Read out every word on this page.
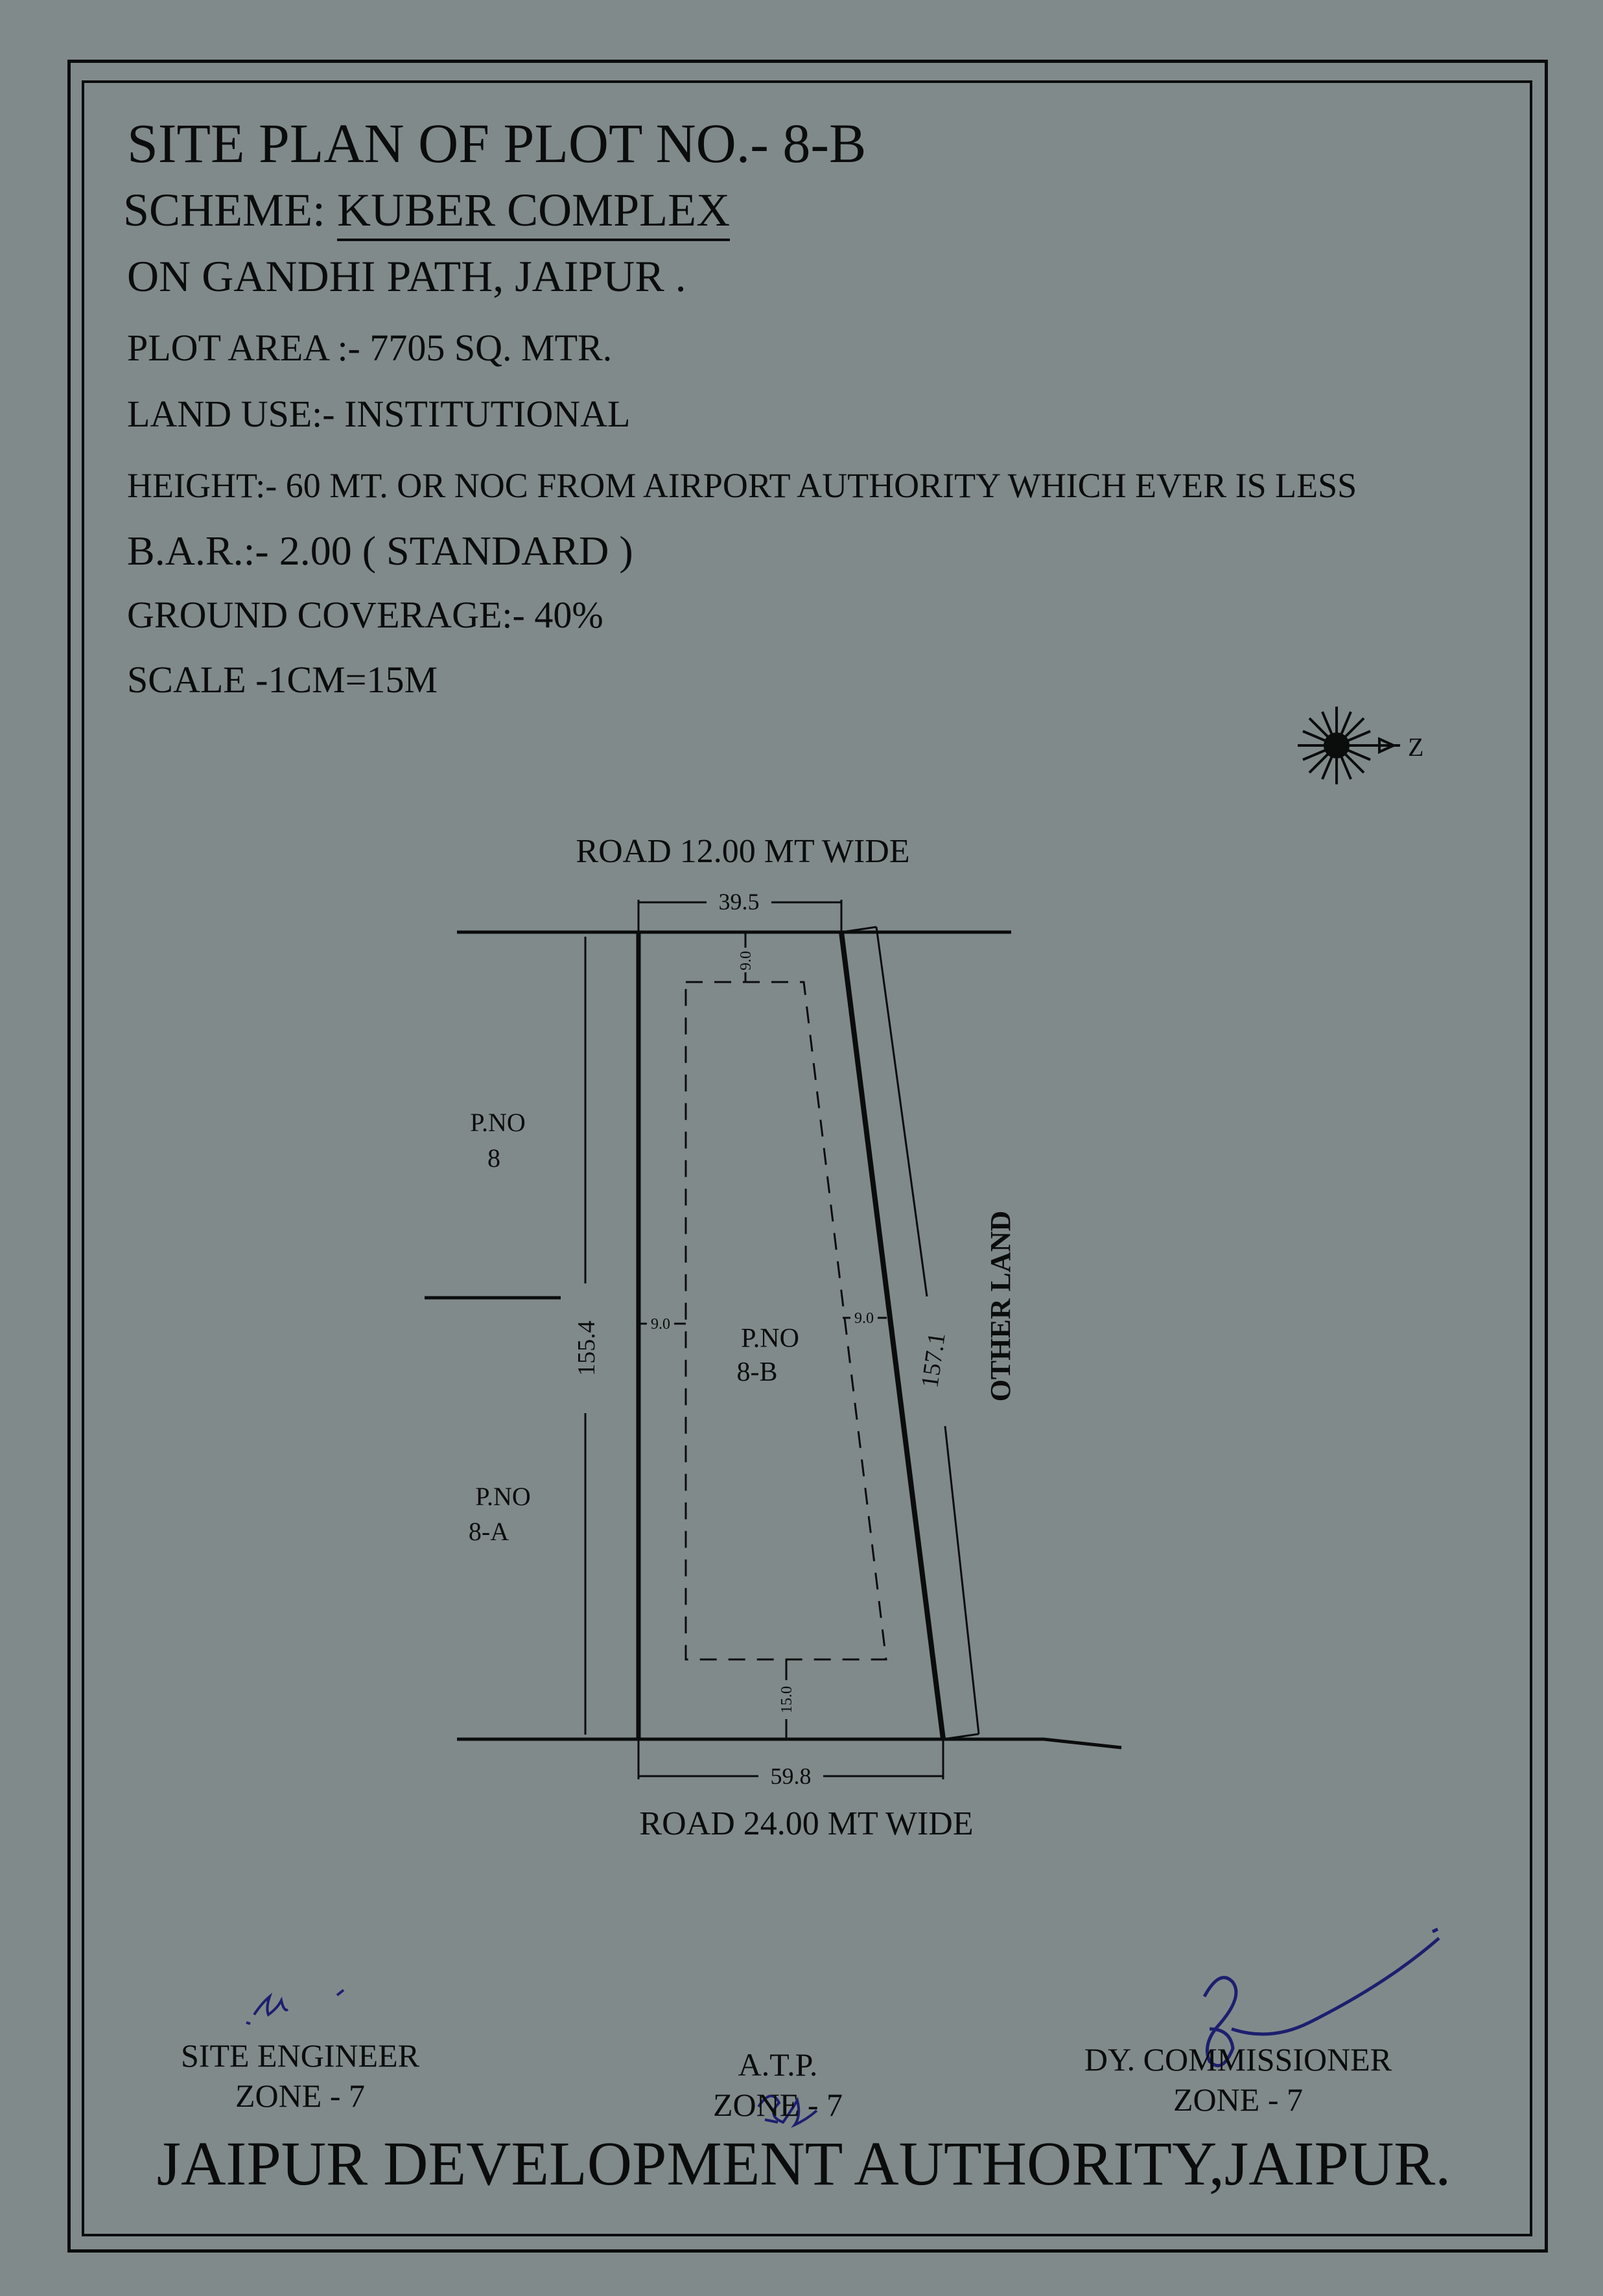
SITE PLAN OF PLOT NO.- 8-B
SCHEME: KUBER COMPLEX
ON GANDHI PATH, JAIPUR .
PLOT AREA :- 7705 SQ. MTR.
LAND USE:- INSTITUTIONAL
HEIGHT:- 60 MT. OR NOC FROM AIRPORT AUTHORITY WHICH EVER IS LESS
B.A.R.:- 2.00 ( STANDARD )
GROUND COVERAGE:- 40%
SCALE -1CM=15M
Z
39.5
59.8
155.4	157.1
9.0
9.0	9.0
15.0
P.NO
8-B
P.NO
8
P.NO
8-A
OTHER LAND
ROAD 12.00 MT WIDE
ROAD 24.00 MT WIDE
SITE ENGINEER
ZONE - 7
A.T.P.
ZONE - 7
DY. COMMISSIONER
ZONE - 7
JAIPUR DEVELOPMENT AUTHORITY,JAIPUR.
